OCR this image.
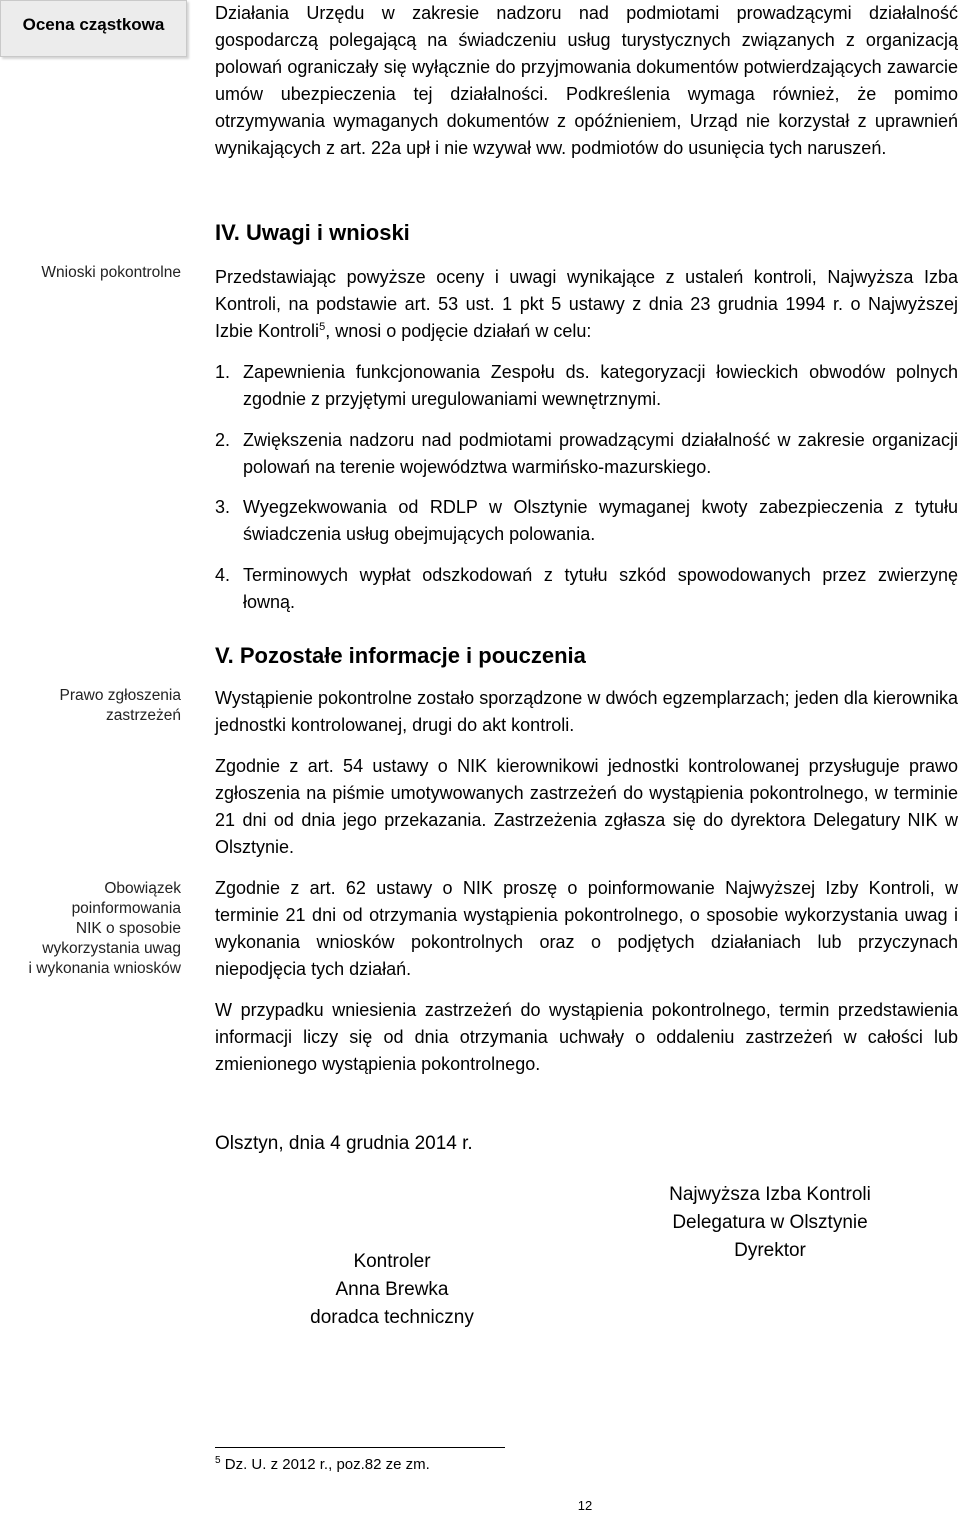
Ocena cząstkowa
Wnioski pokontrolne
Prawo zgłoszenia
zastrzeżeń
Obowiązek
poinformowania
NIK o sposobie
wykorzystania uwag
i wykonania wniosków

Działania Urzędu w zakresie nadzoru nad podmiotami prowadzącymi działalność gospodarczą polegającą na świadczeniu usług turystycznych związanych z organizacją polowań ograniczały się wyłącznie do przyjmowania dokumentów potwierdzających zawarcie umów ubezpieczenia tej działalności. Podkreślenia wymaga również, że pomimo otrzymywania wymaganych dokumentów z opóźnieniem, Urząd nie korzystał z uprawnień wynikających z art. 22a upł i nie wzywał ww. podmiotów do usunięcia tych naruszeń.

IV. Uwagi i wnioski

Przedstawiając powyższe oceny i uwagi wynikające z ustaleń kontroli, Najwyższa Izba Kontroli, na podstawie art. 53 ust. 1 pkt 5 ustawy z dnia 23 grudnia 1994 r. o Najwyższej Izbie Kontroli$^5$, wnosi o podjęcie działań w celu:

1. Zapewnienia funkcjonowania Zespołu ds. kategoryzacji łowieckich obwodów polnych zgodnie z przyjętymi uregulowaniami wewnętrznymi.
2. Zwiększenia nadzoru nad podmiotami prowadzącymi działalność w zakresie organizacji polowań na terenie województwa warmińsko-mazurskiego.
3. Wyegzekwowania od RDLP w Olsztynie wymaganej kwoty zabezpieczenia z tytułu świadczenia usług obejmujących polowania.
4. Terminowych wypłat odszkodowań z tytułu szkód spowodowanych przez zwierzynę łowną.
V. Pozostałe informacje i pouczenia

Wystąpienie pokontrolne zostało sporządzone w dwóch egzemplarzach; jeden dla kierownika jednostki kontrolowanej, drugi do akt kontroli.

Zgodnie z art. 54 ustawy o NIK kierownikowi jednostki kontrolowanej przysługuje prawo zgłoszenia na piśmie umotywowanych zastrzeżeń do wystąpienia pokontrolnego, w terminie 21 dni od dnia jego przekazania. Zastrzeżenia zgłasza się do dyrektora Delegatury NIK w Olsztynie.

Zgodnie z art. 62 ustawy o NIK proszę o poinformowanie Najwyższej Izby Kontroli, w terminie 21 dni od otrzymania wystąpienia pokontrolnego, o sposobie wykorzystania uwag i wykonania wniosków pokontrolnych oraz o podjętych działaniach lub przyczynach niepodjęcia tych działań.

W przypadku wniesienia zastrzeżeń do wystąpienia pokontrolnego, termin przedstawienia informacji liczy się od dnia otrzymania uchwały o oddaleniu zastrzeżeń w całości lub zmienionego wystąpienia pokontrolnego.

Olsztyn, dnia 4 grudnia 2014 r.
Najwyższa Izba Kontroli
Delegatura w Olsztynie
Dyrektor
Kontroler
Anna Brewka
doradca techniczny
$^5$ Dz. U. z 2012 r., poz.82 ze zm.
12
